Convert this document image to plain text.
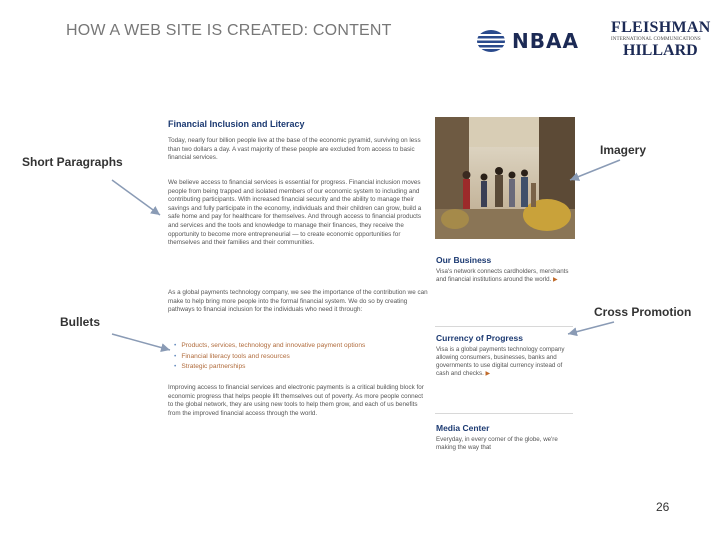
HOW A WEB SITE IS CREATED: CONTENT	NBAA
FLEISHMAN
INTERNATIONAL COMMUNICATIONS
HILLARD
Short Paragraphs
Bullets
Imagery
Cross Promotion
Financial Inclusion and Literacy

Today, nearly four billion people live at the base of the economic pyramid, surviving on less than two dollars a day. A vast majority of these people are excluded from access to basic financial services.

We believe access to financial services is essential for progress. Financial inclusion moves people from being trapped and isolated members of our economic system to including and contributing participants. With increased financial security and the ability to manage their savings and fully participate in the economy, individuals and their children can grow, build a safe home and pay for healthcare for themselves. And through access to financial products and services and the tools and knowledge to manage their finances, they receive the opportunity to become more entrepreneurial — to create economic opportunities for themselves and their families and their communities.

As a global payments technology company, we see the importance of the contribution we can make to help bring more people into the formal financial system. We do so by creating pathways to financial inclusion for the individuals who need it through:

• Products, services, technology and innovative payment options
• Financial literacy tools and resources
• Strategic partnerships

Improving access to financial services and electronic payments is a critical building block for economic progress that helps people lift themselves out of poverty. As more people connect to the global network, they are using new tools to help them grow, and each of us benefits from the improved financial access through the world.

Our Business

Visa's network connects cardholders, merchants and financial institutions around the world. ▶

Currency of Progress

Visa is a global payments technology company allowing consumers, businesses, banks and governments to use digital currency instead of cash and checks. ▶

Media Center

Everyday, in every corner of the globe, we're making the way that

26
